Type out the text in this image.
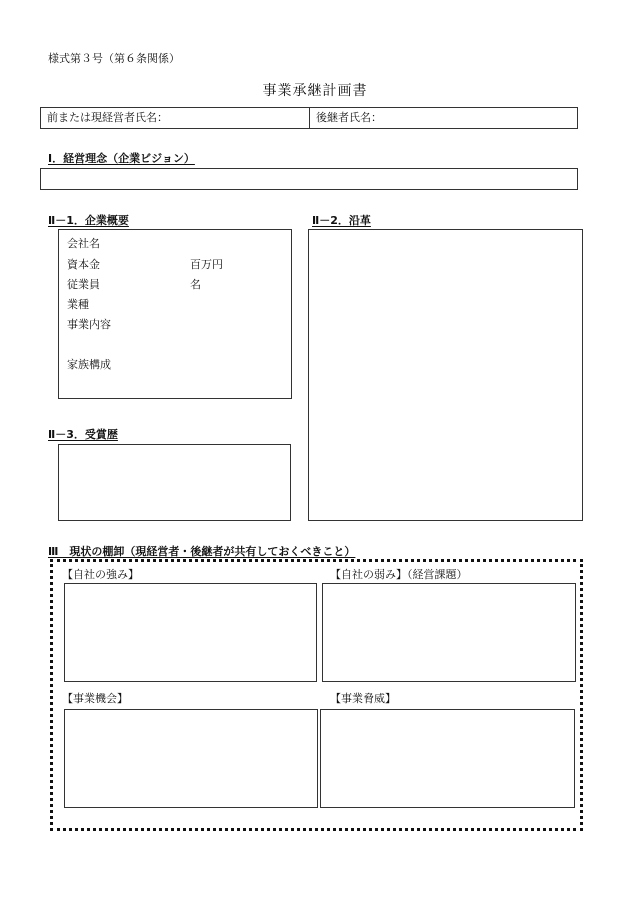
様式第３号（第６条関係）
事業承継計画書
前または現経営者氏名：	後継者氏名：
Ⅰ．経営理念（企業ビジョン）
Ⅱ－1．企業概要
会社名
資本金	百万円
従業員	名
業種
事業内容
家族構成
Ⅱ－2．沿革
Ⅱ－3．受賞歴
Ⅲ　現状の棚卸（現経営者・後継者が共有しておくべきこと）
【自社の強み】	【自社の弱み】（経営課題）
【事業機会】	【事業脅威】
